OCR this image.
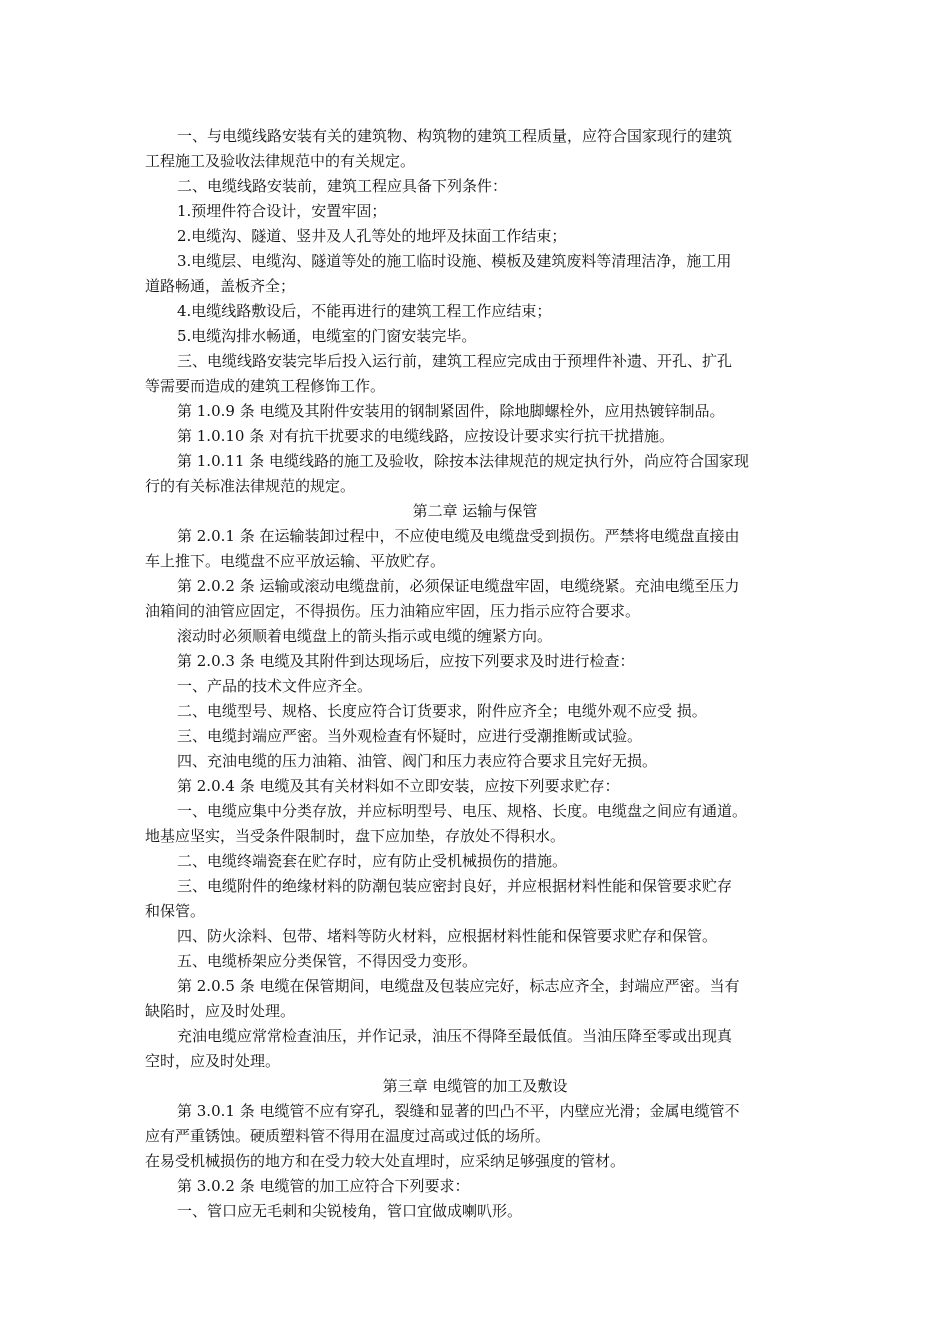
一、与电缆线路安装有关的建筑物、构筑物的建筑工程质量，应符合国家现行的建筑
工程施工及验收法律规范中的有关规定。
二、电缆线路安装前，建筑工程应具备下列条件：
1.预埋件符合设计，安置牢固；
2.电缆沟、隧道、竖井及人孔等处的地坪及抹面工作结束；
3.电缆层、电缆沟、隧道等处的施工临时设施、模板及建筑废料等清理洁净，施工用
道路畅通，盖板齐全；
4.电缆线路敷设后，不能再进行的建筑工程工作应结束；
5.电缆沟排水畅通，电缆室的门窗安装完毕。
三、电缆线路安装完毕后投入运行前，建筑工程应完成由于预埋件补遗、开孔、扩孔
等需要而造成的建筑工程修饰工作。
第 1.0.9 条 电缆及其附件安装用的钢制紧固件，除地脚螺栓外，应用热镀锌制品。
第 1.0.10 条 对有抗干扰要求的电缆线路，应按设计要求实行抗干扰措施。
第 1.0.11 条 电缆线路的施工及验收，除按本法律规范的规定执行外，尚应符合国家现
行的有关标准法律规范的规定。
第二章 运输与保管
第 2.0.1 条 在运输装卸过程中，不应使电缆及电缆盘受到损伤。严禁将电缆盘直接由
车上推下。电缆盘不应平放运输、平放贮存。
第 2.0.2 条 运输或滚动电缆盘前，必须保证电缆盘牢固，电缆绕紧。充油电缆至压力
油箱间的油管应固定，不得损伤。压力油箱应牢固，压力指示应符合要求。
滚动时必须顺着电缆盘上的箭头指示或电缆的缠紧方向。
第 2.0.3 条 电缆及其附件到达现场后，应按下列要求及时进行检查：
一、产品的技术文件应齐全。
二、电缆型号、规格、长度应符合订货要求，附件应齐全；电缆外观不应受 损。
三、电缆封端应严密。当外观检查有怀疑时，应进行受潮推断或试验。
四、充油电缆的压力油箱、油管、阀门和压力表应符合要求且完好无损。
第 2.0.4 条 电缆及其有关材料如不立即安装，应按下列要求贮存：
一、电缆应集中分类存放，并应标明型号、电压、规格、长度。电缆盘之间应有通道。
地基应坚实，当受条件限制时，盘下应加垫，存放处不得积水。
二、电缆终端瓷套在贮存时，应有防止受机械损伤的措施。
三、电缆附件的绝缘材料的防潮包装应密封良好，并应根据材料性能和保管要求贮存
和保管。
四、防火涂料、包带、堵料等防火材料，应根据材料性能和保管要求贮存和保管。
五、电缆桥架应分类保管，不得因受力变形。
第 2.0.5 条 电缆在保管期间，电缆盘及包装应完好，标志应齐全，封端应严密。当有
缺陷时，应及时处理。
充油电缆应常常检查油压，并作记录，油压不得降至最低值。当油压降至零或出现真
空时，应及时处理。
第三章 电缆管的加工及敷设
第 3.0.1 条 电缆管不应有穿孔，裂缝和显著的凹凸不平，内壁应光滑；金属电缆管不
应有严重锈蚀。硬质塑料管不得用在温度过高或过低的场所。
在易受机械损伤的地方和在受力较大处直埋时，应采纳足够强度的管材。
第 3.0.2 条 电缆管的加工应符合下列要求：
一、管口应无毛刺和尖锐棱角，管口宜做成喇叭形。
